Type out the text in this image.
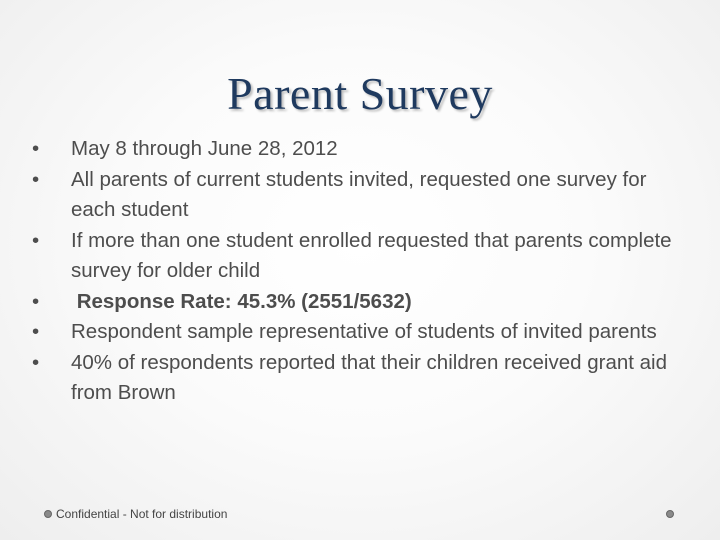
Parent Survey
•	May 8 through June 28, 2012
•	All parents of current students invited, requested one survey for each student
•	If more than one student enrolled requested that parents complete survey for older child
•	Response Rate: 45.3% (2551/5632)
•	Respondent sample representative of students of invited parents
•	40% of respondents reported that their children received grant aid from Brown
Confidential - Not for distribution
